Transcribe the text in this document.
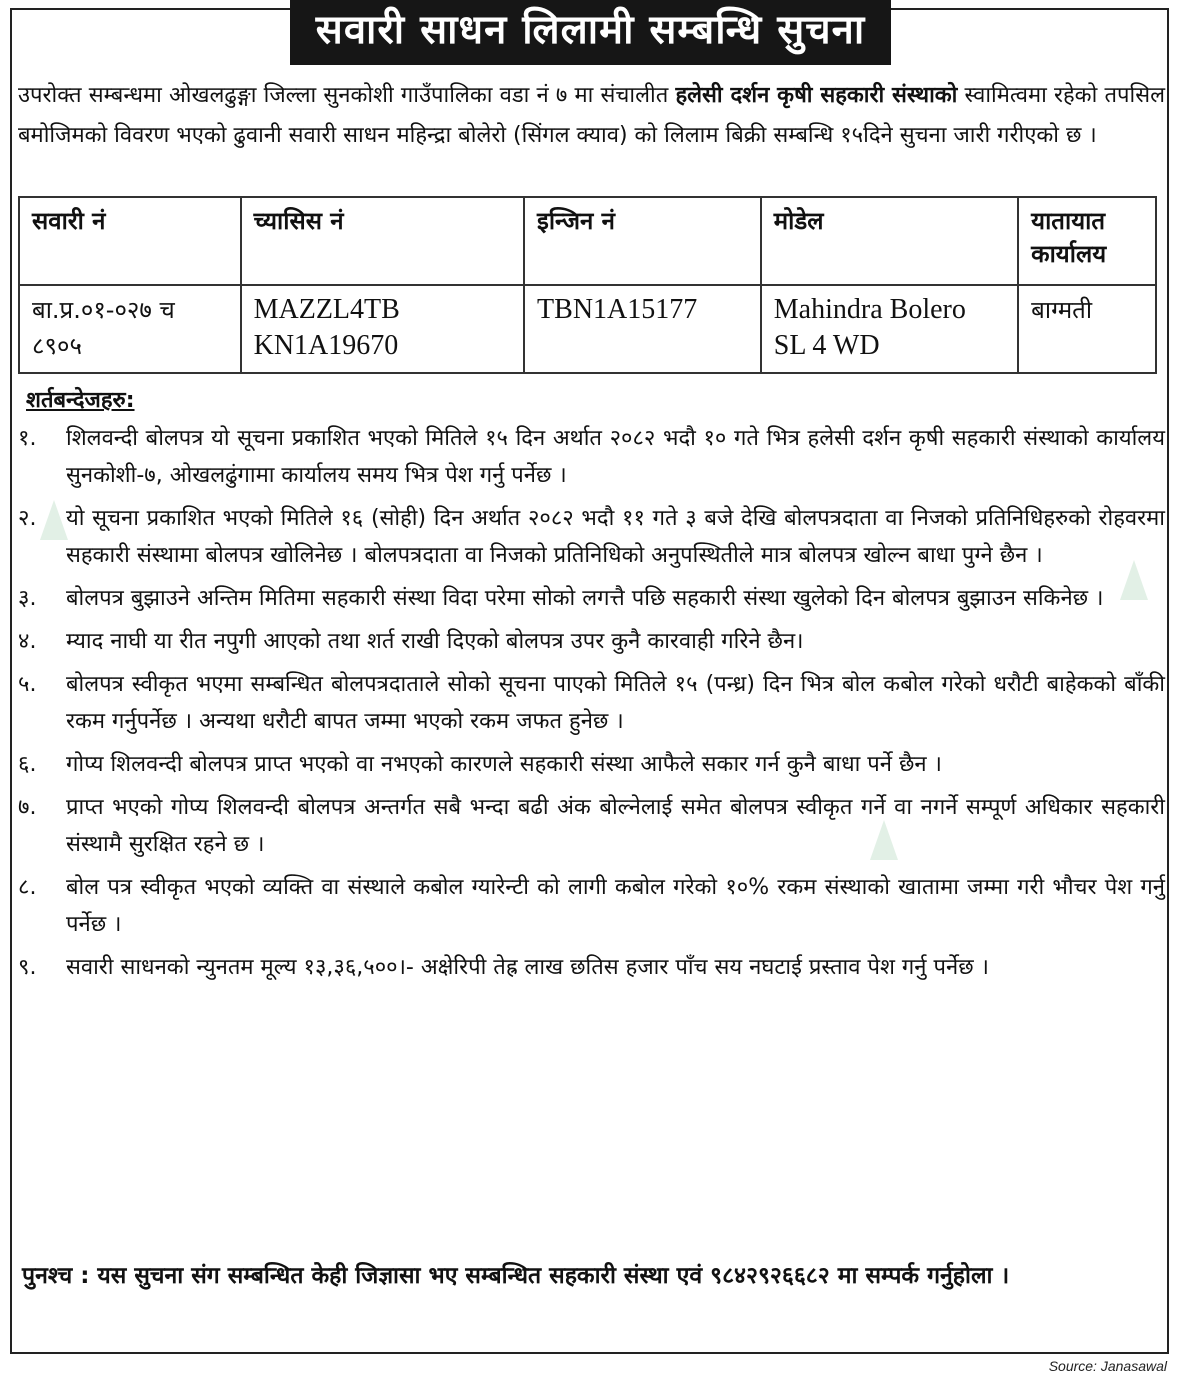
सवारी साधन लिलामी सम्बन्धि सुचना
उपरोक्त सम्बन्धमा ओखलढुङ्गा जिल्ला सुनकोशी गाउँपालिका वडा नं ७ मा संचालीत हलेसी दर्शन कृषी सहकारी संस्थाको स्वामित्वमा रहेको तपसिल बमोजिमको विवरण भएको ढुवानी सवारी साधन महिन्द्रा बोलेरो (सिंगल क्याव) को लिलाम बिक्री सम्बन्धि १५दिने सुचना जारी गरीएको छ ।
सवारी नं	च्यासिस नं	इन्जिन नं	मोडेल	यातायात कार्यालय
बा.प्र.०१-०२७ च ८९०५	MAZZL4TB KN1A19670	TBN1A15177	Mahindra Bolero SL 4 WD	बाग्मती
शर्तबन्देजहरु:
१.	शिलवन्दी बोलपत्र यो सूचना प्रकाशित भएको मितिले १५ दिन अर्थात २०८२ भदौ १० गते भित्र हलेसी दर्शन कृषी सहकारी संस्थाको कार्यालय सुनकोशी-७, ओखलढुंगामा कार्यालय समय भित्र पेश गर्नु पर्नेछ ।
२.	यो सूचना प्रकाशित भएको मितिले १६ (सोही) दिन अर्थात २०८२ भदौ ११ गते ३ बजे देखि बोलपत्रदाता वा निजको प्रतिनिधिहरुको रोहवरमा सहकारी संस्थामा बोलपत्र खोलिनेछ । बोलपत्रदाता वा निजको प्रतिनिधिको अनुपस्थितीले मात्र बोलपत्र खोल्न बाधा पुग्ने छैन ।
३.	बोलपत्र बुझाउने अन्तिम मितिमा सहकारी संस्था विदा परेमा सोको लगत्तै पछि सहकारी संस्था खुलेको दिन बोलपत्र बुझाउन सकिनेछ ।
४.	म्याद नाघी या रीत नपुगी आएको तथा शर्त राखी दिएको बोलपत्र उपर कुनै कारवाही गरिने छैन।
५.	बोलपत्र स्वीकृत भएमा सम्बन्धित बोलपत्रदाताले सोको सूचना पाएको मितिले १५ (पन्ध्र) दिन भित्र बोल कबोल गरेको धरौटी बाहेकको बाँकी रकम गर्नुपर्नेछ । अन्यथा धरौटी बापत जम्मा भएको रकम जफत हुनेछ ।
६.	गोप्य शिलवन्दी बोलपत्र प्राप्त भएको वा नभएको कारणले सहकारी संस्था आफैले सकार गर्न कुनै बाधा पर्ने छैन ।
७.	प्राप्त भएको गोप्य शिलवन्दी बोलपत्र अन्तर्गत सबै भन्दा बढी अंक बोल्नेलाई समेत बोलपत्र स्वीकृत गर्ने वा नगर्ने सम्पूर्ण अधिकार सहकारी संस्थामै सुरक्षित रहने छ ।
८.	बोल पत्र स्वीकृत भएको व्यक्ति वा संस्थाले कबोल ग्यारेन्टी को लागी कबोल गरेको १०% रकम संस्थाको खातामा जम्मा गरी भौचर पेश गर्नु पर्नेछ ।
९.	सवारी साधनको न्युनतम मूल्य १३,३६,५००।- अक्षेरिपी तेह्र लाख छतिस हजार पाँच सय नघटाई प्रस्ताव पेश गर्नु पर्नेछ ।
पुनश्च : यस सुचना संग सम्बन्धित केही जिज्ञासा भए सम्बन्धित सहकारी संस्था एवं ९८४२९२६६८२ मा सम्पर्क गर्नुहोला ।
Source: Janasawal
